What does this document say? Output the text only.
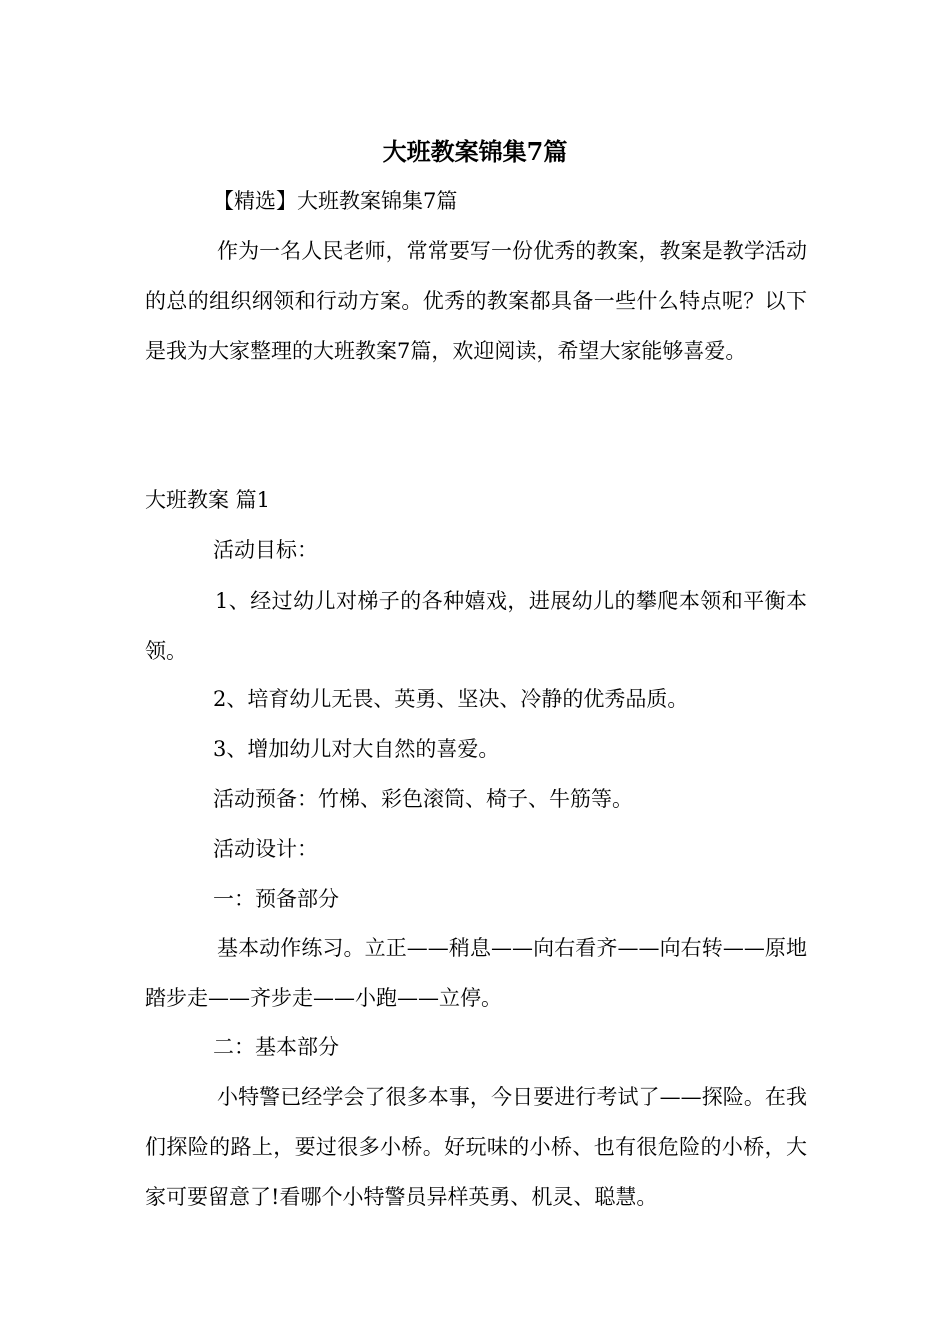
大班教案锦集7篇

【精选】大班教案锦集7篇

作为一名人民老师，常常要写一份优秀的教案，教案是教学活动的总的组织纲领和行动方案。优秀的教案都具备一些什么特点呢？以下是我为大家整理的大班教案7篇，欢迎阅读，希望大家能够喜爱。

大班教案 篇1

活动目标：

1、经过幼儿对梯子的各种嬉戏，进展幼儿的攀爬本领和平衡本领。

2、培育幼儿无畏、英勇、坚决、冷静的优秀品质。

3、增加幼儿对大自然的喜爱。

活动预备：竹梯、彩色滚筒、椅子、牛筋等。

活动设计：

一：预备部分

基本动作练习。立正——稍息——向右看齐——向右转——原地踏步走——齐步走——小跑——立停。

二：基本部分

小特警已经学会了很多本事，今日要进行考试了——探险。在我们探险的路上，要过很多小桥。好玩味的小桥、也有很危险的小桥，大家可要留意了!看哪个小特警员异样英勇、机灵、聪慧。
